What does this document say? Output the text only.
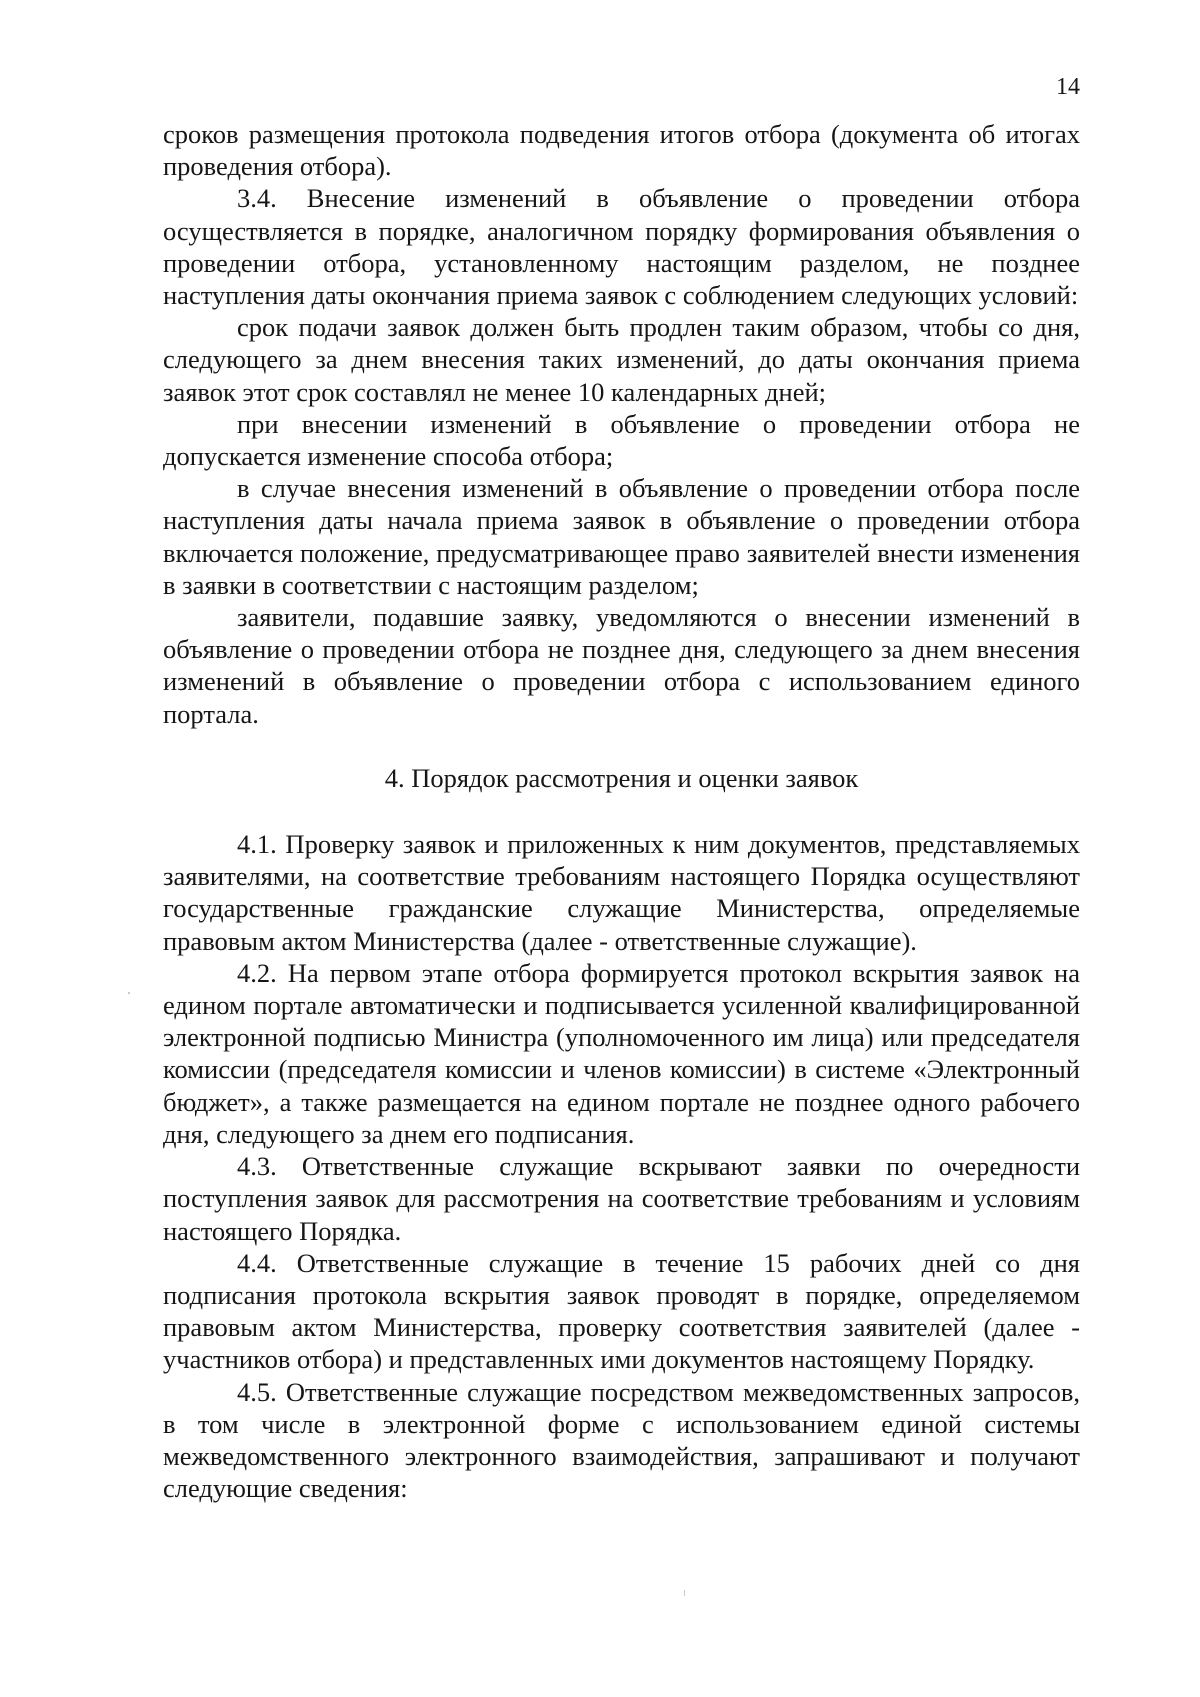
14

сроков размещения протокола подведения итогов отбора (документа об итогах проведения отбора).

3.4. Внесение изменений в объявление о проведении отбора осуществляется в порядке, аналогичном порядку формирования объявления о проведении отбора, установленному настоящим разделом, не позднее наступления даты окончания приема заявок с соблюдением следующих условий:

срок подачи заявок должен быть продлен таким образом, чтобы со дня, следующего за днем внесения таких изменений, до даты окончания приема заявок этот срок составлял не менее 10 календарных дней;

при внесении изменений в объявление о проведении отбора не допускается изменение способа отбора;

в случае внесения изменений в объявление о проведении отбора после наступления даты начала приема заявок в объявление о проведении отбора включается положение, предусматривающее право заявителей внести изменения в заявки в соответствии с настоящим разделом;

заявители, подавшие заявку, уведомляются о внесении изменений в объявление о проведении отбора не позднее дня, следующего за днем внесения изменений в объявление о проведении отбора с использованием единого портала.

4. Порядок рассмотрения и оценки заявок

4.1. Проверку заявок и приложенных к ним документов, представляемых заявителями, на соответствие требованиям настоящего Порядка осуществляют государственные гражданские служащие Министерства, определяемые правовым актом Министерства (далее - ответственные служащие).

4.2. На первом этапе отбора формируется протокол вскрытия заявок на едином портале автоматически и подписывается усиленной квалифицированной электронной подписью Министра (уполномоченного им лица) или председателя комиссии (председателя комиссии и членов комиссии) в системе «Электронный бюджет», а также размещается на едином портале не позднее одного рабочего дня, следующего за днем его подписания.

4.3. Ответственные служащие вскрывают заявки по очередности поступления заявок для рассмотрения на соответствие требованиям и условиям настоящего Порядка.

4.4. Ответственные служащие в течение 15 рабочих дней со дня подписания протокола вскрытия заявок проводят в порядке, определяемом правовым актом Министерства, проверку соответствия заявителей (далее - участников отбора) и представленных ими документов настоящему Порядку.

4.5. Ответственные служащие посредством межведомственных запросов, в том числе в электронной форме с использованием единой системы межведомственного электронного взаимодействия, запрашивают и получают следующие сведения:
